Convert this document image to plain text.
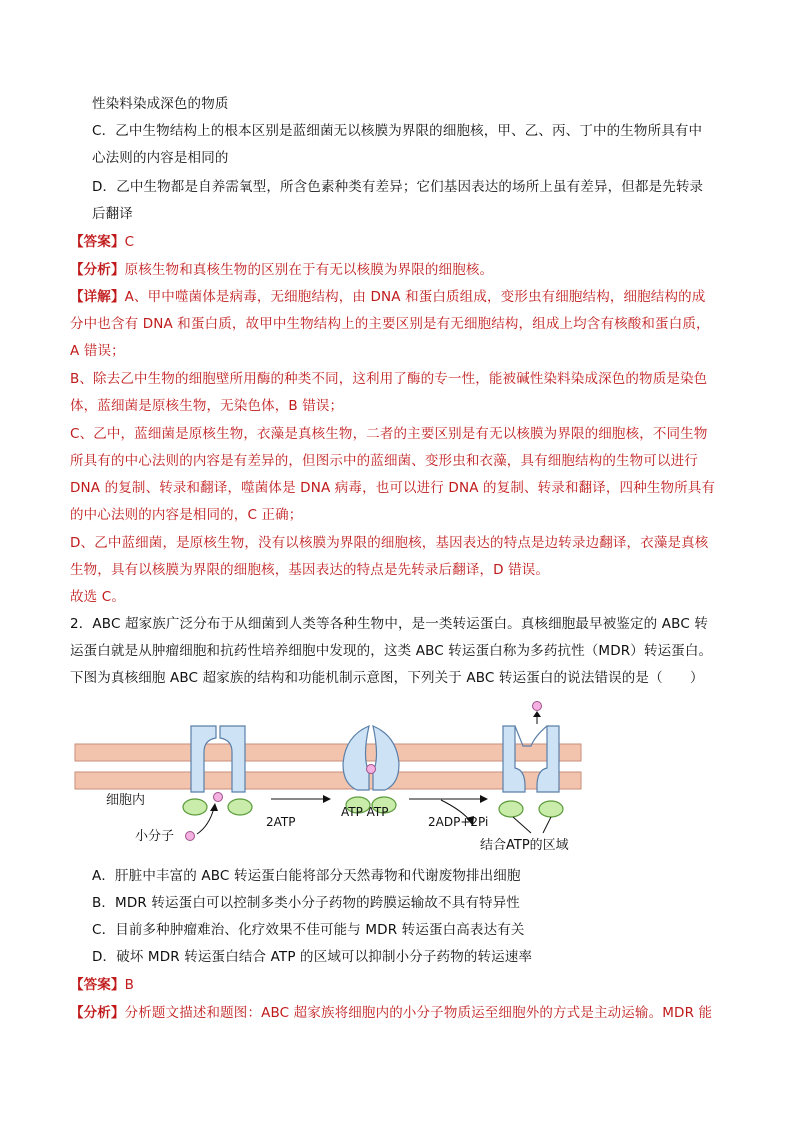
性染料染成深色的物质
C．乙中生物结构上的根本区别是蓝细菌无以核膜为界限的细胞核，甲、乙、丙、丁中的生物所具有中
心法则的内容是相同的
D．乙中生物都是自养需氧型，所含色素种类有差异；它们基因表达的场所上虽有差异，但都是先转录
后翻译
【答案】C
【分析】原核生物和真核生物的区别在于有无以核膜为界限的细胞核。
【详解】A、甲中噬菌体是病毒，无细胞结构，由 DNA 和蛋白质组成，变形虫有细胞结构，细胞结构的成
分中也含有 DNA 和蛋白质，故甲中生物结构上的主要区别是有无细胞结构，组成上均含有核酸和蛋白质，
A 错误；
B、除去乙中生物的细胞壁所用酶的种类不同，这利用了酶的专一性，能被碱性染料染成深色的物质是染色
体，蓝细菌是原核生物，无染色体，B 错误；
C、乙中，蓝细菌是原核生物，衣藻是真核生物，二者的主要区别是有无以核膜为界限的细胞核，不同生物
所具有的中心法则的内容是有差异的，但图示中的蓝细菌、变形虫和衣藻，具有细胞结构的生物可以进行
DNA 的复制、转录和翻译，噬菌体是 DNA 病毒，也可以进行 DNA 的复制、转录和翻译，四种生物所具有
的中心法则的内容是相同的，C 正确；
D、乙中蓝细菌，是原核生物，没有以核膜为界限的细胞核，基因表达的特点是边转录边翻译，衣藻是真核
生物，具有以核膜为界限的细胞核，基因表达的特点是先转录后翻译，D 错误。
故选 C。
2．ABC 超家族广泛分布于从细菌到人类等各种生物中，是一类转运蛋白。真核细胞最早被鉴定的 ABC 转
运蛋白就是从肿瘤细胞和抗药性培养细胞中发现的，这类 ABC 转运蛋白称为多药抗性（MDR）转运蛋白。
下图为真核细胞 ABC 超家族的结构和功能机制示意图，下列关于 ABC 转运蛋白的说法错误的是（　　）
细胞内
小分子
2ATP
ATP ATP
2ADP+2Pi
结合ATP的区域
A．肝脏中丰富的 ABC 转运蛋白能将部分天然毒物和代谢废物排出细胞
B．MDR 转运蛋白可以控制多类小分子药物的跨膜运输故不具有特异性
C．目前多种肿瘤难治、化疗效果不佳可能与 MDR 转运蛋白高表达有关
D．破坏 MDR 转运蛋白结合 ATP 的区域可以抑制小分子药物的转运速率
【答案】B
【分析】分析题文描述和题图：ABC 超家族将细胞内的小分子物质运至细胞外的方式是主动运输。MDR 能
